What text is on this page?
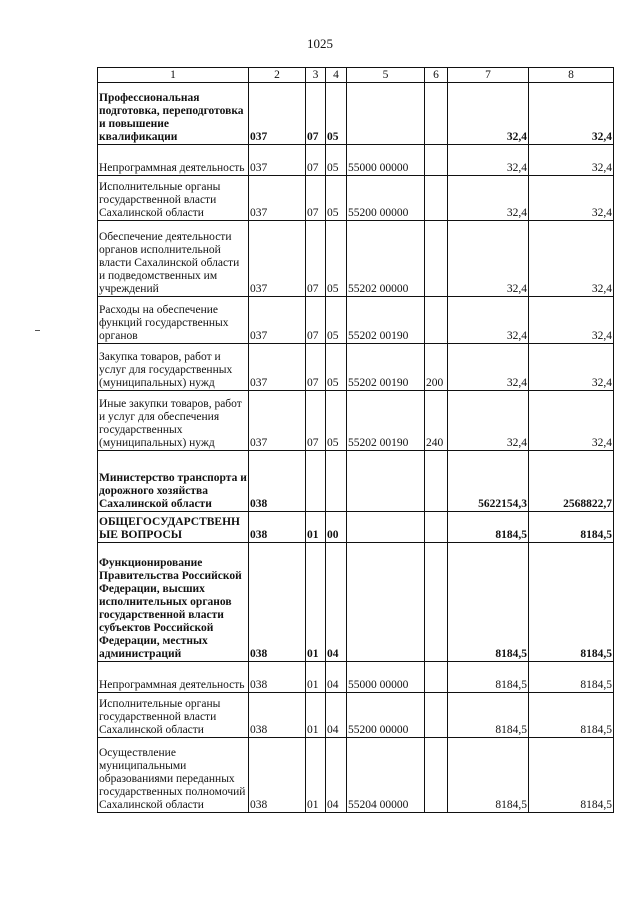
1025
1	2	3	4	5	6	7	8
Профессиональная подготовка, переподготовка и повышение квалификации	037	07	05			32,4	32,4
Непрограммная деятельность	037	07	05	55000 00000		32,4	32,4
Исполнительные органы государственной власти Сахалинской области	037	07	05	55200 00000		32,4	32,4
Обеспечение деятельности органов исполнительной власти Сахалинской области и подведомственных им учреждений	037	07	05	55202 00000		32,4	32,4
Расходы на обеспечение функций государственных органов	037	07	05	55202 00190		32,4	32,4
Закупка товаров, работ и услуг для государственных (муниципальных) нужд	037	07	05	55202 00190	200	32,4	32,4
Иные закупки товаров, работ и услуг для обеспечения государственных (муниципальных) нужд	037	07	05	55202 00190	240	32,4	32,4
Министерство транспорта и дорожного хозяйства Сахалинской области	038					5622154,3	2568822,7
ОБЩЕГОСУДАРСТВЕННЫЕ ВОПРОСЫ	038	01	00			8184,5	8184,5
Функционирование Правительства Российской Федерации, высших исполнительных органов государственной власти субъектов Российской Федерации, местных администраций	038	01	04			8184,5	8184,5
Непрограммная деятельность	038	01	04	55000 00000		8184,5	8184,5
Исполнительные органы государственной власти Сахалинской области	038	01	04	55200 00000		8184,5	8184,5
Осуществление муниципальными образованиями переданных государственных полномочий Сахалинской области	038	01	04	55204 00000		8184,5	8184,5
